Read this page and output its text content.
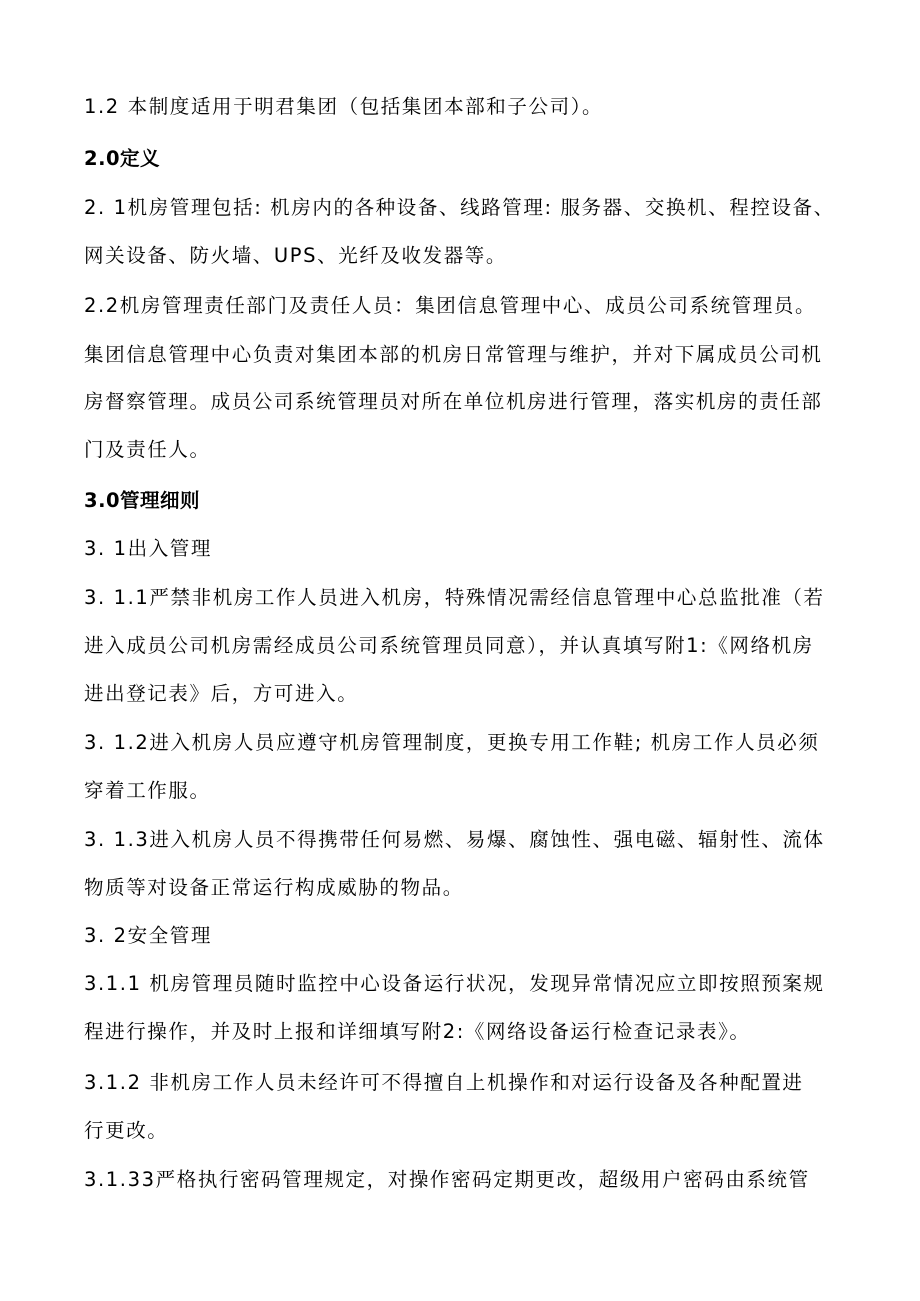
1.2 本制度适用于明君集团（包括集团本部和子公司）。
2.0定义
2. 1机房管理包括: 机房内的各种设备、线路管理: 服务器、交换机、程控设备、
网关设备、防火墙、UPS、光纤及收发器等。
2.2机房管理责任部门及责任人员：集团信息管理中心、成员公司系统管理员。
集团信息管理中心负责对集团本部的机房日常管理与维护，并对下属成员公司机
房督察管理。成员公司系统管理员对所在单位机房进行管理，落实机房的责任部
门及责任人。
3.0管理细则
3. 1出入管理
3. 1.1严禁非机房工作人员进入机房，特殊情况需经信息管理中心总监批准（若
进入成员公司机房需经成员公司系统管理员同意），并认真填写附1:《网络机房
进出登记表》后，方可进入。
3. 1.2进入机房人员应遵守机房管理制度，更换专用工作鞋; 机房工作人员必须
穿着工作服。
3. 1.3进入机房人员不得携带任何易燃、易爆、腐蚀性、强电磁、辐射性、流体
物质等对设备正常运行构成威胁的物品。
3. 2安全管理
3.1.1 机房管理员随时监控中心设备运行状况，发现异常情况应立即按照预案规
程进行操作，并及时上报和详细填写附2:《网络设备运行检查记录表》。
3.1.2 非机房工作人员未经许可不得擅自上机操作和对运行设备及各种配置进
行更改。
3.1.33严格执行密码管理规定，对操作密码定期更改，超级用户密码由系统管
